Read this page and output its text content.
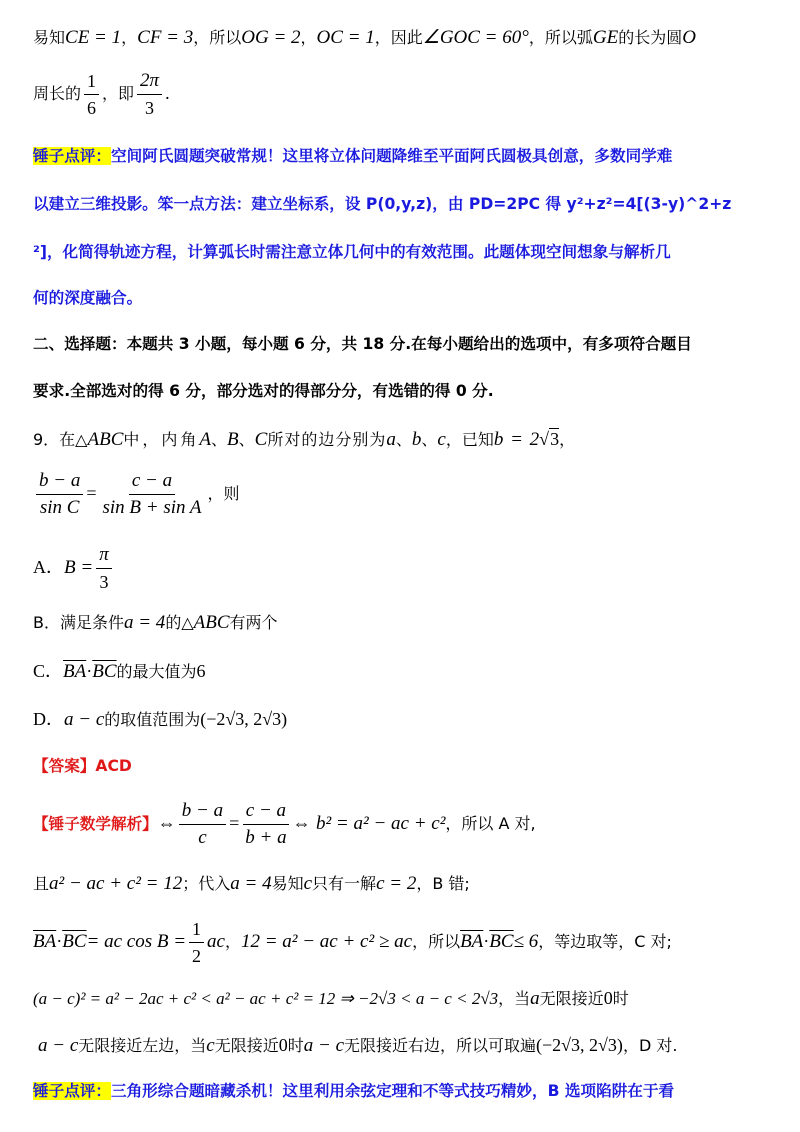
易知CE = 1，CF = 3，所以OG = 2，OC = 1，因此∠GOC = 60°，所以弧GE的长为圆O
周长的 $\frac{1}{6}$ ，即 $\frac{2\pi}{3}$ .
锤子点评：空间阿氏圆题突破常规！这里将立体问题降维至平面阿氏圆极具创意，多数同学难
以建立三维投影。笨一点方法：建立坐标系，设 P(0,y,z)，由 PD=2PC 得 y²+z²=4[(3-y)^2+z
²]，化简得轨迹方程，计算弧长时需注意立体几何中的有效范围。此题体现空间想象与解析几
何的深度融合。
二、选择题：本题共 3 小题，每小题 6 分，共 18 分.在每小题给出的选项中，有多项符合题目
要求.全部选对的得 6 分，部分选对的得部分分，有选错的得 0 分.
9．在△ABC中，内角A、B、C所对的边分别为a、b、c，已知b = 2√3，
$\frac{b - a}{\text{sin C}} = \frac{c - a}{\text{sin B + sin A}}$ ，则
A．$B = \frac{\pi}{3}$
B．满足条件a = 4的△ABC有两个
C．$\overline{BA}\cdot\overline{BC}$的最大值为6
D．a − c的取值范围为(−2√3, 2√3)
【答案】ACD
【锤子数学解析】⇔ $\frac{b - a}{c} = \frac{c - a}{b + a}$ ⇔ b² = a² − ac + c²，所以 A 对,
且a² − ac + c² = 12；代入a = 4易知c只有一解c = 2，B 错;
$\overline{BA}\cdot\overline{BC}=$ ac $\cos B = \frac{1}{2}$ ac，12 = a² − ac + c² ≥ ac，所以$\overline{BA}\cdot\overline{BC}\le 6$，等边取等，C 对;
(a − c)² = a² − 2ac + c² < a² − ac + c² = 12 ⇒ −2√3 < a − c < 2√3，当a无限接近0时
a − c无限接近左边，当c无限接近0时a − c无限接近右边，所以可取遍(−2√3, 2√3)，D 对.
锤子点评：三角形综合题暗藏杀机！这里利用余弦定理和不等式技巧精妙，B 选项陷阱在于看
